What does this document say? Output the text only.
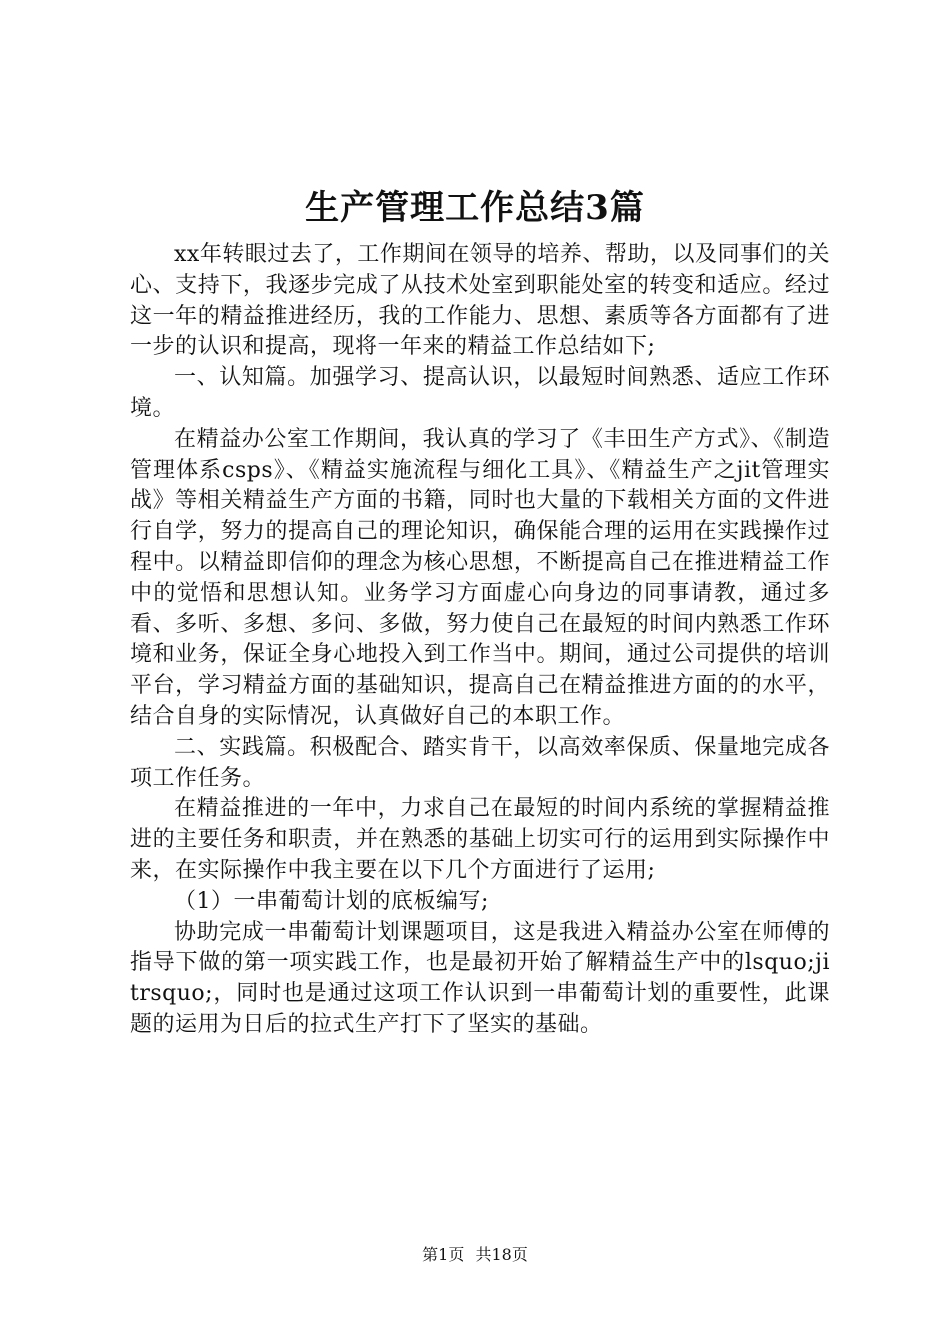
生产管理工作总结3篇

xx年转眼过去了，工作期间在领导的培养、帮助，以及同事们的关心、支持下，我逐步完成了从技术处室到职能处室的转变和适应。经过这一年的精益推进经历，我的工作能力、思想、素质等各方面都有了进一步的认识和提高，现将一年来的精益工作总结如下;

一、认知篇。加强学习、提高认识，以最短时间熟悉、适应工作环境。

在精益办公室工作期间，我认真的学习了《丰田生产方式》、《制造管理体系csps》、《精益实施流程与细化工具》、《精益生产之jit管理实战》等相关精益生产方面的书籍，同时也大量的下载相关方面的文件进行自学，努力的提高自己的理论知识，确保能合理的运用在实践操作过程中。以精益即信仰的理念为核心思想，不断提高自己在推进精益工作中的觉悟和思想认知。业务学习方面虚心向身边的同事请教，通过多看、多听、多想、多问、多做，努力使自己在最短的时间内熟悉工作环境和业务，保证全身心地投入到工作当中。期间，通过公司提供的培训平台，学习精益方面的基础知识，提高自己在精益推进方面的的水平，结合自身的实际情况，认真做好自己的本职工作。

二、实践篇。积极配合、踏实肯干，以高效率保质、保量地完成各项工作任务。

在精益推进的一年中，力求自己在最短的时间内系统的掌握精益推进的主要任务和职责，并在熟悉的基础上切实可行的运用到实际操作中来，在实际操作中我主要在以下几个方面进行了运用;

（1）一串葡萄计划的底板编写;

协助完成一串葡萄计划课题项目，这是我进入精益办公室在师傅的指导下做的第一项实践工作，也是最初开始了解精益生产中的lsquo;jitrsquo;，同时也是通过这项工作认识到一串葡萄计划的重要性，此课题的运用为日后的拉式生产打下了坚实的基础。

第1页 共18页
